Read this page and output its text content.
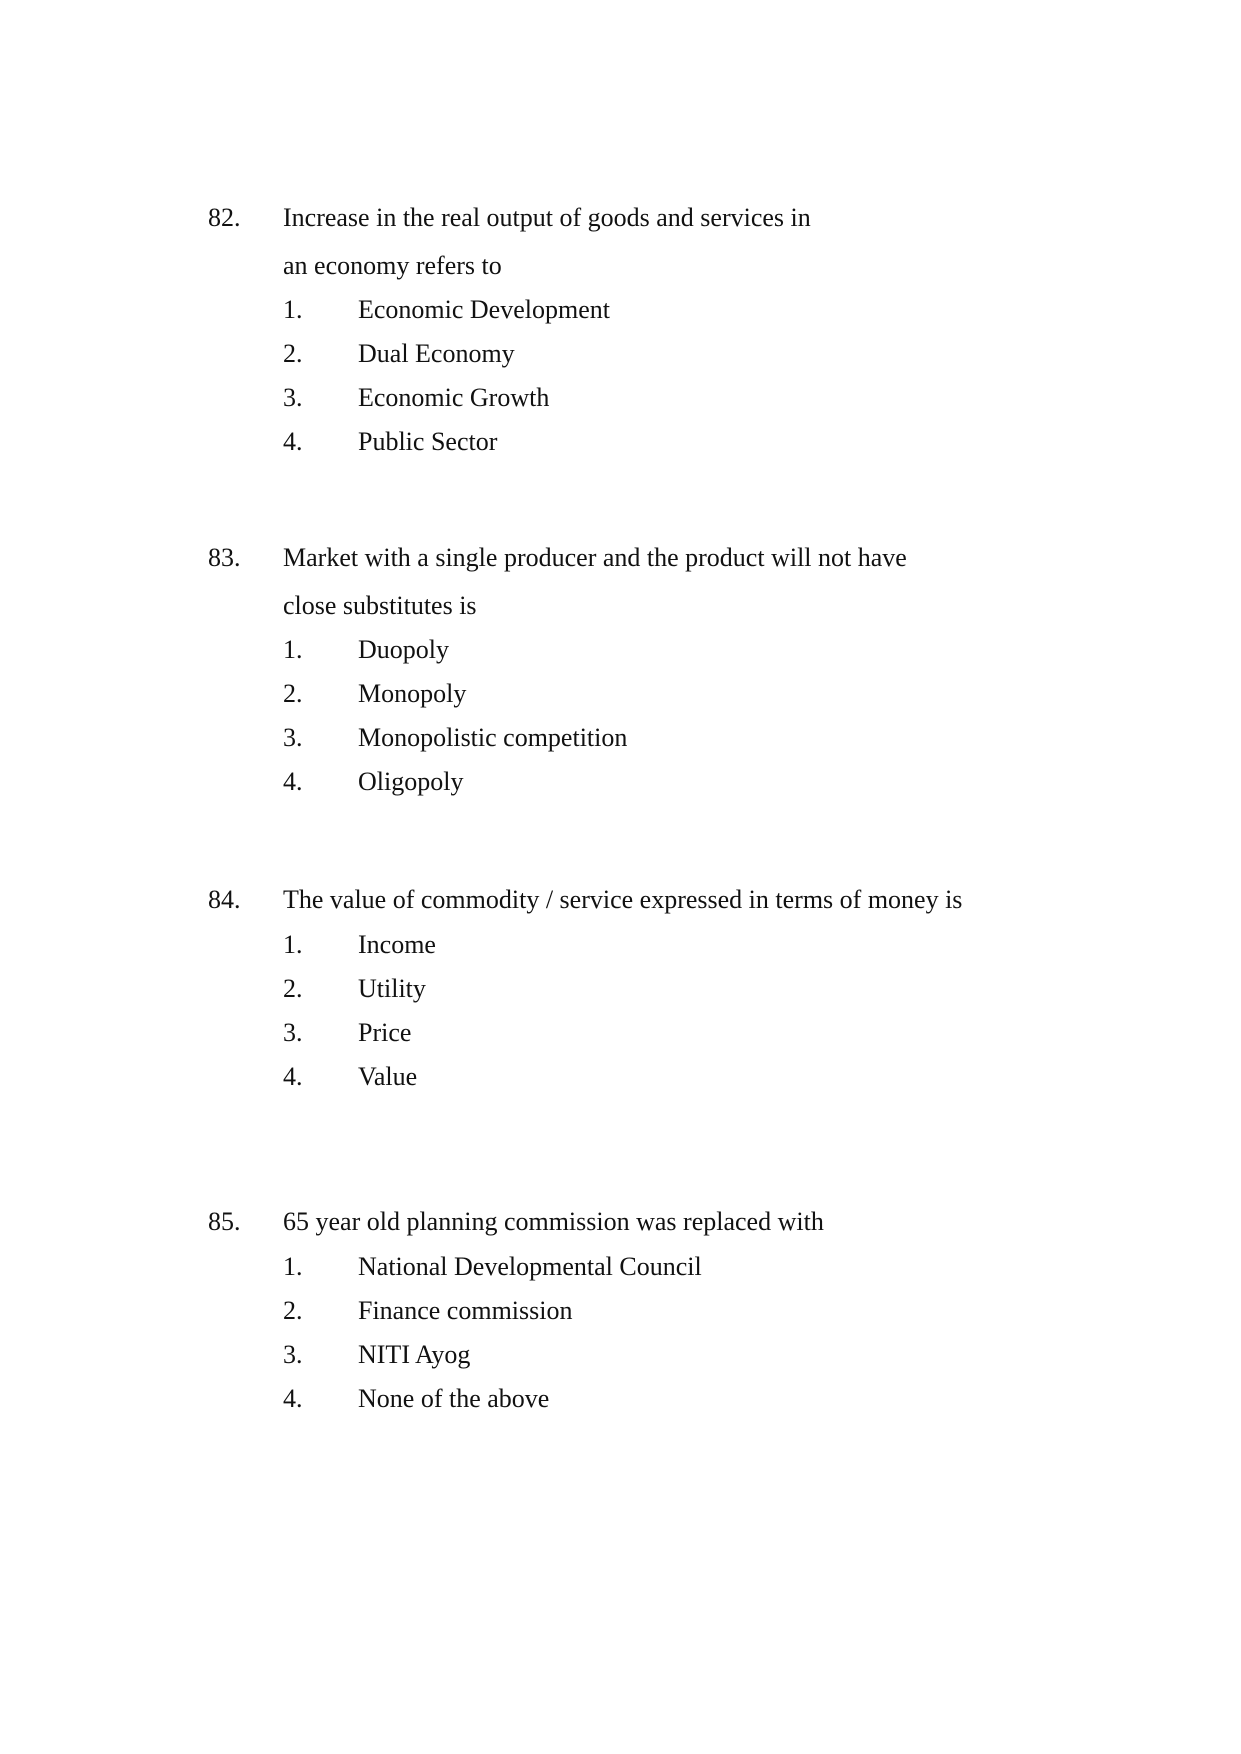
82. Increase in the real output of goods and services in
an economy refers to
1. Economic Development
2. Dual Economy
3. Economic Growth
4. Public Sector
83. Market with a single producer and the product will not have
close substitutes is
1. Duopoly
2. Monopoly
3. Monopolistic competition
4. Oligopoly
84. The value of commodity / service expressed in terms of money is
1. Income
2. Utility
3. Price
4. Value
85. 65 year old planning commission was replaced with
1. National Developmental Council
2. Finance commission
3. NITI Ayog
4. None of the above
